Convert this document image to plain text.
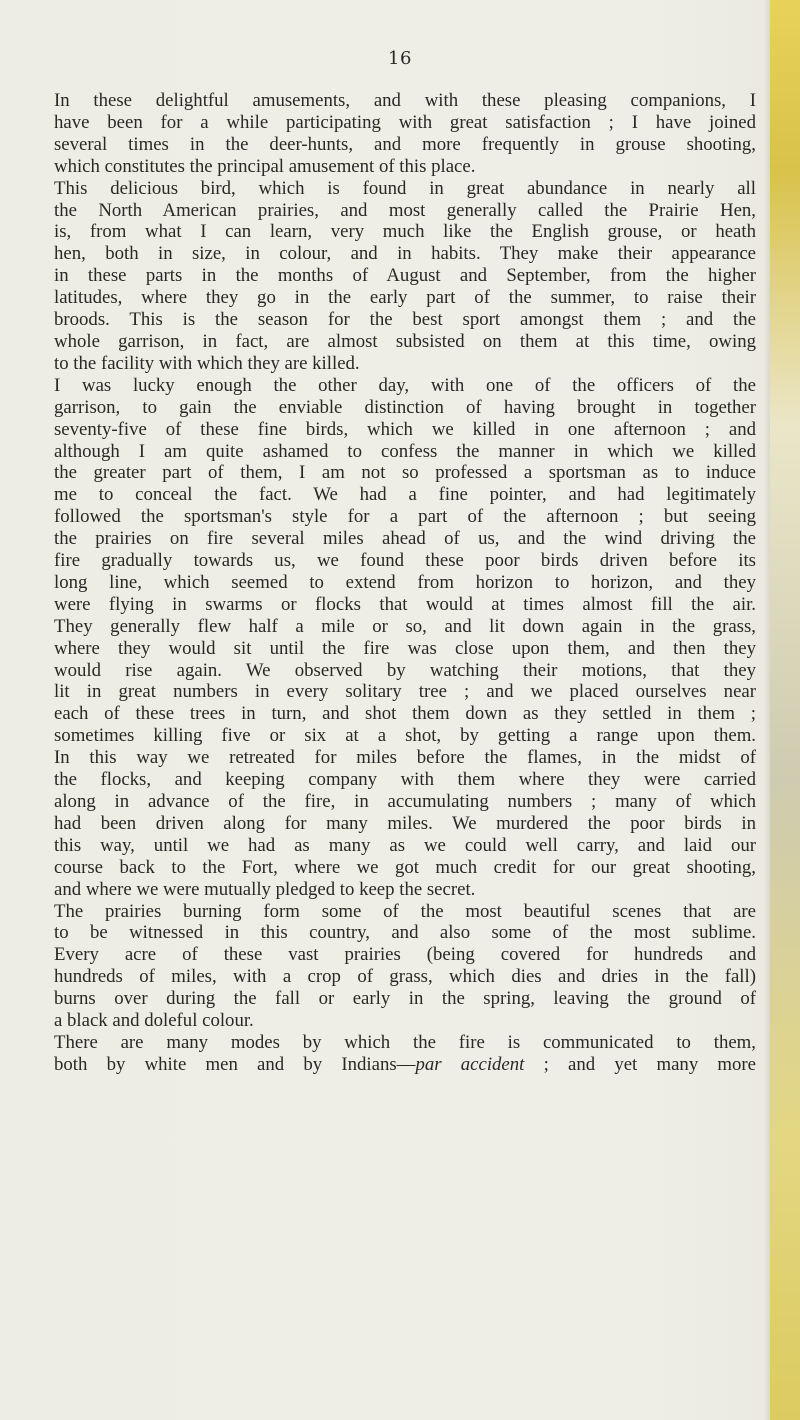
16
In these delightful amusements, and with these pleasing companions, I
have been for a while participating with great satisfaction ; I have joined
several times in the deer-hunts, and more frequently in grouse shooting,
which constitutes the principal amusement of this place.
This delicious bird, which is found in great abundance in nearly all
the North American prairies, and most generally called the Prairie Hen,
is, from what I can learn, very much like the English grouse, or heath
hen, both in size, in colour, and in habits. They make their appearance
in these parts in the months of August and September, from the higher
latitudes, where they go in the early part of the summer, to raise their
broods. This is the season for the best sport amongst them ; and the
whole garrison, in fact, are almost subsisted on them at this time, owing
to the facility with which they are killed.
I was lucky enough the other day, with one of the officers of the
garrison, to gain the enviable distinction of having brought in together
seventy-five of these fine birds, which we killed in one afternoon ; and
although I am quite ashamed to confess the manner in which we killed
the greater part of them, I am not so professed a sportsman as to induce
me to conceal the fact. We had a fine pointer, and had legitimately
followed the sportsman's style for a part of the afternoon ; but seeing
the prairies on fire several miles ahead of us, and the wind driving the
fire gradually towards us, we found these poor birds driven before its
long line, which seemed to extend from horizon to horizon, and they
were flying in swarms or flocks that would at times almost fill the air.
They generally flew half a mile or so, and lit down again in the grass,
where they would sit until the fire was close upon them, and then they
would rise again. We observed by watching their motions, that they
lit in great numbers in every solitary tree ; and we placed ourselves near
each of these trees in turn, and shot them down as they settled in them ;
sometimes killing five or six at a shot, by getting a range upon them.
In this way we retreated for miles before the flames, in the midst of
the flocks, and keeping company with them where they were carried
along in advance of the fire, in accumulating numbers ; many of which
had been driven along for many miles. We murdered the poor birds in
this way, until we had as many as we could well carry, and laid our
course back to the Fort, where we got much credit for our great shooting,
and where we were mutually pledged to keep the secret.
The prairies burning form some of the most beautiful scenes that are
to be witnessed in this country, and also some of the most sublime.
Every acre of these vast prairies (being covered for hundreds and
hundreds of miles, with a crop of grass, which dies and dries in the fall)
burns over during the fall or early in the spring, leaving the ground of
a black and doleful colour.
There are many modes by which the fire is communicated to them,
both by white men and by Indians—par accident ; and yet many more
